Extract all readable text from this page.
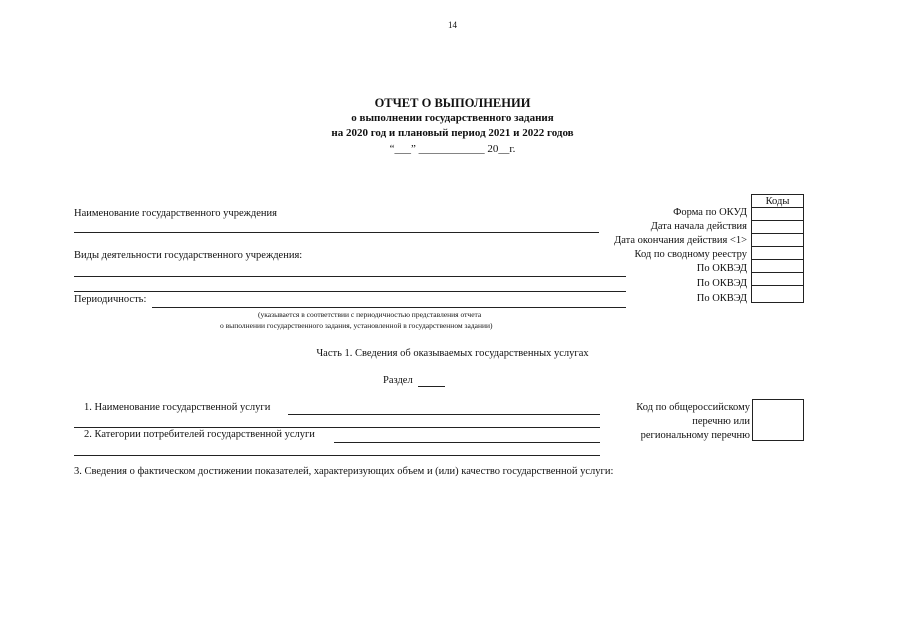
14
ОТЧЕТ О ВЫПОЛНЕНИИ
о выполнении государственного задания
на 2020 год и плановый период 2021 и 2022 годов
“___” ____________ 20__г.
Коды
Форма по ОКУД
Дата начала действия
Дата окончания действия <1>
Код по сводному реестру
По ОКВЭД
По ОКВЭД
По ОКВЭД
Наименование государственного учреждения
Виды деятельности государственного учреждения:
Периодичность:
(указывается в соответствии с периодичностью представления отчета
о выполнении государственного задания, установленной в государственном задании)
Часть 1. Сведения об оказываемых государственных услугах
Раздел
1. Наименование государственной услуги
2. Категории потребителей государственной услуги
Код по общероссийскому
перечню или
региональному перечню
3. Сведения о фактическом достижении показателей, характеризующих объем и (или) качество государственной услуги:
